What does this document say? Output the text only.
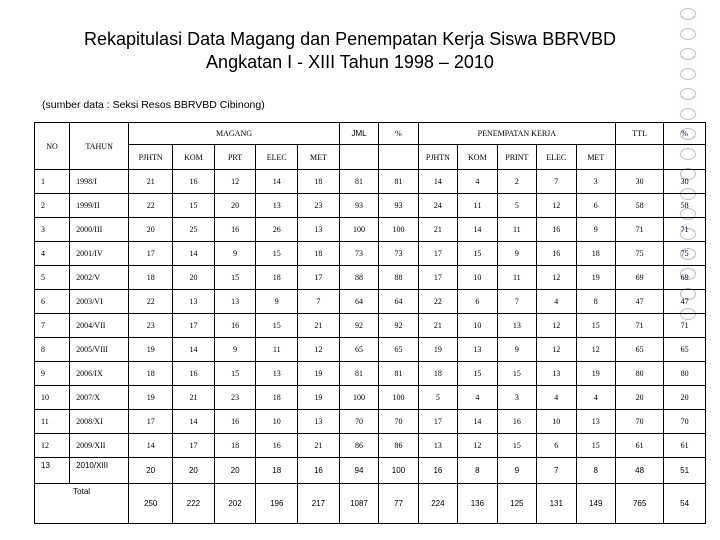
Rekapitulasi Data Magang dan Penempatan Kerja Siswa BBRVBD
Angkatan I - XIII Tahun 1998 – 2010
(sumber data : Seksi Resos BBRVBD Cibinong)
NO	TAHUN	MAGANG					JML	%	PENEMPATAN KERJA					TTL	%
		PJHTN	KOM	PRT	ELEC	MET			PJHTN	KOM	PRINT	ELEC	MET		
1	1998/I	21	16	12	14	18	81	81	14	4	2	7	3	30	30
2	1999/II	22	15	20	13	23	93	93	24	11	5	12	6	58	58
3	2000/III	20	25	16	26	13	100	100	21	14	11	16	9	71	71
4	2001/IV	17	14	9	15	18	73	73	17	15	9	16	18	75	75
5	2002/V	18	20	15	18	17	88	88	17	10	11	12	19	69	69
6	2003/VI	22	13	13	9	7	64	64	22	6	7	4	8	47	47
7	2004/VII	23	17	16	15	21	92	92	21	10	13	12	15	71	71
8	2005/VIII	19	14	9	11	12	65	65	19	13	9	12	12	65	65
9	2006/IX	18	16	15	13	19	81	81	18	15	15	13	19	80	80
10	2007/X	19	21	23	18	19	100	100	5	4	3	4	4	20	20
11	2008/XI	17	14	16	10	13	70	70	17	14	16	10	13	70	70
12	2009/XII	14	17	18	16	21	86	86	13	12	15	6	15	61	61
13	2010/XIII	20	20	20	18	16	94	100	16	8	9	7	8	48	51
Total		250	222	202	196	217	1087	77	224	136	125	131	149	765	54
